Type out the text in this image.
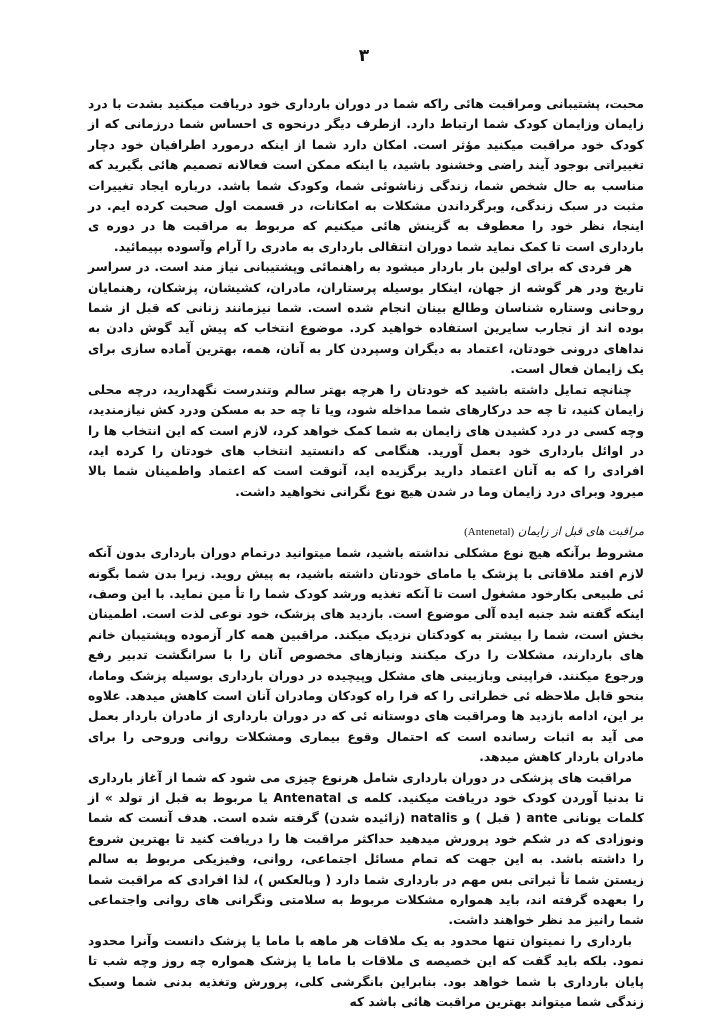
۳

محبت، پشتیبانی ومراقبت هائی راکه شما در دوران بارداری خود دریافت میکنید بشدت با درد زایمان وزایمان کودک شما ارتباط دارد. ازطرف دیگر درنحوه ی احساس شما درزمانی که از کودک خود مراقبت میکنید مؤثر است. امکان دارد شما از اینکه درمورد اطرافیان خود دچار تغییراتی بوجود آیند راضی وخشنود باشید، یا اینکه ممکن است فعالانه تصمیم هائی بگیرید که مناسب به حال شخص شما، زندگی زناشوئی شما، وکودک شما باشد. درباره ایجاد تغییرات مثبت در سبک زندگی، وبرگرداندن مشکلات به امکانات، در قسمت اول صحبت کرده ایم. در اینجا، نظر خود را معطوف به گزینش هائی میکنیم که مربوط به مراقبت ها در دوره ی بارداری است تا کمک نماید شما دوران انتقالی بارداری به مادری را آرام وآسوده بپیمائید.

هر فردی که برای اولین بار باردار میشود به راهنمائی وپشتیبانی نیاز مند است. در سراسر تاریخ ودر هر گوشه از جهان، اینکار بوسیله پرستاران، مادران، کشیشان، پزشکان، رهنمایان روحانی وستاره شناسان وطالع بینان انجام شده است. شما نیزمانند زنانی که قبل از شما بوده اند از تجارب سایرین استفاده خواهید کرد. موضوع انتخاب که پیش آید گوش دادن به نداهای درونی خودتان، اعتماد به دیگران وسپردن کار به آنان، همه، بهترین آماده سازی برای یک زایمان فعال است.

چنانچه تمایل داشته باشید که خودتان را هرچه بهتر سالم وتندرست نگهدارید، درچه محلی زایمان کنید، تا چه حد درکارهای شما مداخله شود، ویا تا چه حد به مسکن ودرد کش نیازمندید، وچه کسی در درد کشیدن های زایمان به شما کمک خواهد کرد، لازم است که این انتخاب ها را در اوائل بارداری خود بعمل آورید. هنگامی که دانستید انتخاب های خودتان را کرده اید، افرادی را که به آنان اعتماد دارید برگزیده اید، آنوقت است که اعتماد واطمینان شما بالا میرود وبرای درد زایمان وما در شدن هیچ نوع نگرانی نخواهید داشت.

مراقبت های قبل از زایمان (Antenetal)

مشروط برآنکه هیچ نوع مشکلی نداشته باشید، شما میتوانید درتمام دوران بارداری بدون آنکه لازم افتد ملاقاتی با پزشک یا مامای خودتان داشته باشید، به پیش روید. زیرا بدن شما بگونه ئی طبیعی بکارخود مشغول است تا آنکه تغذیه ورشد کودک شما را تأ مین نماید. با این وصف، اینکه گفته شد جنبه ایده آلی موضوع است. بازدید های پزشک، خود نوعی لذت است. اطمینان بخش است، شما را بیشتر به کودکتان نزدیک میکند. مراقبین همه کار آزموده وپشتیبان خانم های باردارند، مشکلات را درک میکنند ونیازهای مخصوص آنان را با سرانگشت تدبیر رفع ورجوع میکنند. فراپینی وبازبینی های مشکل وپیچیده در دوران بارداری بوسیله پزشک وماما، بنحو قابل ملاحظه ئی خطراتی را که فرا راه کودکان ومادران آنان است کاهش میدهد. علاوه بر این، ادامه بازدید ها ومراقبت های دوستانه ئی که در دوران بارداری از مادران باردار بعمل می آید به اثبات رسانده است که احتمال وقوع بیماری ومشکلات روانی وروحی را برای مادران باردار کاهش میدهد.

مراقبت های پزشکی در دوران بارداری شامل هرنوع چیزی می شود که شما از آغاز بارداری تا بدنیا آوردن کودک خود دریافت میکنید. کلمه ی Antenatal یا مربوط به قبل از تولد » از کلمات یونانی ante ( قبل ) و natalis (زائیده شدن) گرفته شده است. هدف آنست که شما ونوزادی که در شکم خود پرورش میدهید حداکثر مراقبت ها را دریافت کنید تا بهترین شروع را داشته باشد. به این جهت که تمام مسائل اجتماعی، روانی، وفیزیکی مربوط به سالم زیستن شما تأ ثیراتی بس مهم در بارداری شما دارد ( وبالعکس )، لذا افرادی که مراقبت شما را بعهده گرفته اند، باید همواره مشکلات مربوط به سلامتی ونگرانی های روانی واجتماعی شما رانیز مد نظر خواهند داشت.

بارداری را نمیتوان تنها محدود به یک ملاقات هر ماهه با ماما یا پزشک دانست وآنرا محدود نمود. بلکه باید گفت که این خصیصه ی ملاقات با ماما یا پزشک همواره چه روز وچه شب تا پایان بارداری با شما خواهد بود. بنابراین بانگرشی کلی، پرورش وتغذیه بدنی شما وسبک زندگی شما میتواند بهترین مراقبت هائی باشد که
